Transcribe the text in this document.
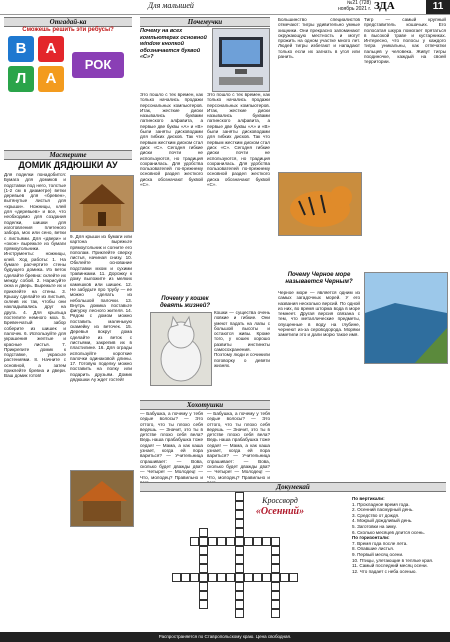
Для малышей	№21 (728)
ноябрь 2021 г. ЗДА	11
Отгадай-ка
Сможешь решить эти ребусы?
В	А
Л	А
РОК
Мастерите
ДОМИК ДЯДЮШКИ АУ
Для поделки понадобится: Бумага для домиков и подставки под него, толстые (1-2 см в диаметре) ветки деревьев для «бревен», вытянутые листья для «крыши». Ножницы, клей для «деревьев» и все, что необходимо для создания поделки, шишки для изготовления плетеного забора, мох или сено, ветки с листьями. Для «двери» и «окон» вырежьте из бумаги прямоугольники. Инструменты: ножницы, клей. Ход работы: 1. На бумаге расчертите стены будущего домика. Из веток сделайте бревна: склейте их между собой. 2. Нарисуйте окна и дверь. Вырежьте их и приклейте на стены. 3. Крышу сделайте из листьев, склеив их так, чтобы они накладывались друг на друга. 4. Для крыльца постелите немного мха. 5. Бревенчатый забор соберите из шишек и палочек. 6. Используйте для украшения желтые и красные листья. 7. Прикрепите домик к подставке, украсьте растениями. 8. Начните с основной, а затем приклейте бревна и двери. Ваш домик готов!
9. Для крыши из бумаги или картона вырежьте прямоугольник и согните его пополам. Приклейте сверху листья, начиная снизу. 10. Обклейте основание подставки мхом и сухими травинками. 11. Дорожку к дому выложите из мелких камешков или шишек. 12. Не забудьте про трубу — ее можно сделать из небольшой палочки. 13. Внутрь домика поставьте фигурку лесного жителя. 14. Рядом с домом можно поставить маленькую скамейку из веточек. 15. Деревья вокруг дома сделайте из веток с листьями, закрепив их в пластилине. 16. Для ограды используйте короткие палочки одинаковой длины. 17. Готовую поделку можно поставить на полку или подарить друзьям. Домик дядюшки Ау ждет гостей!
Почемучки
Почему на всех компьютерах основной window кнопкой обозначается буквой «С»?
Это пошло с тех времен, как только начались продажи персональных компьютеров. Итак, жесткие диски назывались буквами латинского алфавита, а первые две буквы «А» и «В» были заняты дисководами для гибких дисков. Так что первым жестким диском стал диск «С». Сегодня гибкие диски почти не используются, но традиция сохранилась. Для удобства пользователей по-прежнему основной раздел жесткого диска обозначают буквой «С».
Это пошло с тех времен, как только начались продажи персональных компьютеров. Итак, жесткие диски назывались буквами латинского алфавита, а первые две буквы «А» и «В» были заняты дисководами для гибких дисков. Так что первым жестким диском стал диск «С». Сегодня гибкие диски почти не используются, но традиция сохранилась. Для удобства пользователей по-прежнему основной раздел жесткого диска обозначают буквой «С».
Почему у кошек девять жизней?
Кошки — существа очень ловкие и гибкие. Они умеют падать на лапы с большой высоты и остаются живы. Кроме того, у кошек хорошо развиты инстинкты самосохранения. Поэтому люди и сочинили поговорку о девяти жизнях.
Хохотушки
— Бабушка, а почему у тебя седые волосы? — Это оттого, что ты плохо себя ведешь. — Значит, это ты в детстве плохо себя вела? Ведь наша прабабушка тоже седая! — Мама, а как каша узнает, когда ей пора вариться? — Учительница спрашивает: — Вова, сколько будет дважды два? — Четыре! — Молодец! — Что, молодец? Правильно и
— Бабушка, а почему у тебя седые волосы? — Это оттого, что ты плохо себя ведешь. — Значит, это ты в детстве плохо себя вела? Ведь наша прабабушка тоже седая! — Мама, а как каша узнает, когда ей пора вариться? — Учительница спрашивает: — Вова, сколько будет дважды два? — Четыре! — Молодец! — Что, молодец? Правильно и
Большинство специалистов отмечают: тигры удивительно умные хищники. Они прекрасно запоминают окружающую местность и могут прожить на одном участке много лет. Людей тигры избегают и нападают только если их загнать в угол или ранить.
Тигр — самый крупный представитель кошачьих. Его полосатая шкура помогает прятаться в высокой траве и кустарниках. Интересно, что полосы у каждого тигра уникальны, как отпечатки пальцев у человека. Живут тигры поодиночке, каждый на своей территории.
Почему Черное море называется Черным?
Черное море — является одним из самых загадочных морей. У его названия несколько версий. По одной из них, во время шторма вода в море темнеет. Другая версия связана с тем, что металлические предметы, опущенные в воду на глубине, чернеют из-за сероводорода. Моряки заметили это и дали морю такое имя.
Докумекай
Кроссворд
«Осенний»
По вертикали:
1. Прохладное время года.
2. Осенний пасмурный день.
3. Средство от дождя.
4. Мокрый дождливый день.
5. Заготовки на зиму.
6. Сколько месяцев длится осень.
По горизонтали:
7. Время года после лета.
8. Опавшие листья.
9. Первый месяц осени.
10. Птицы, улетающие в теплые края.
11. Самый последний месяц осени.
12. Что падает с неба осенью.
Распространяется по Ставропольскому краю. Цена свободная.
